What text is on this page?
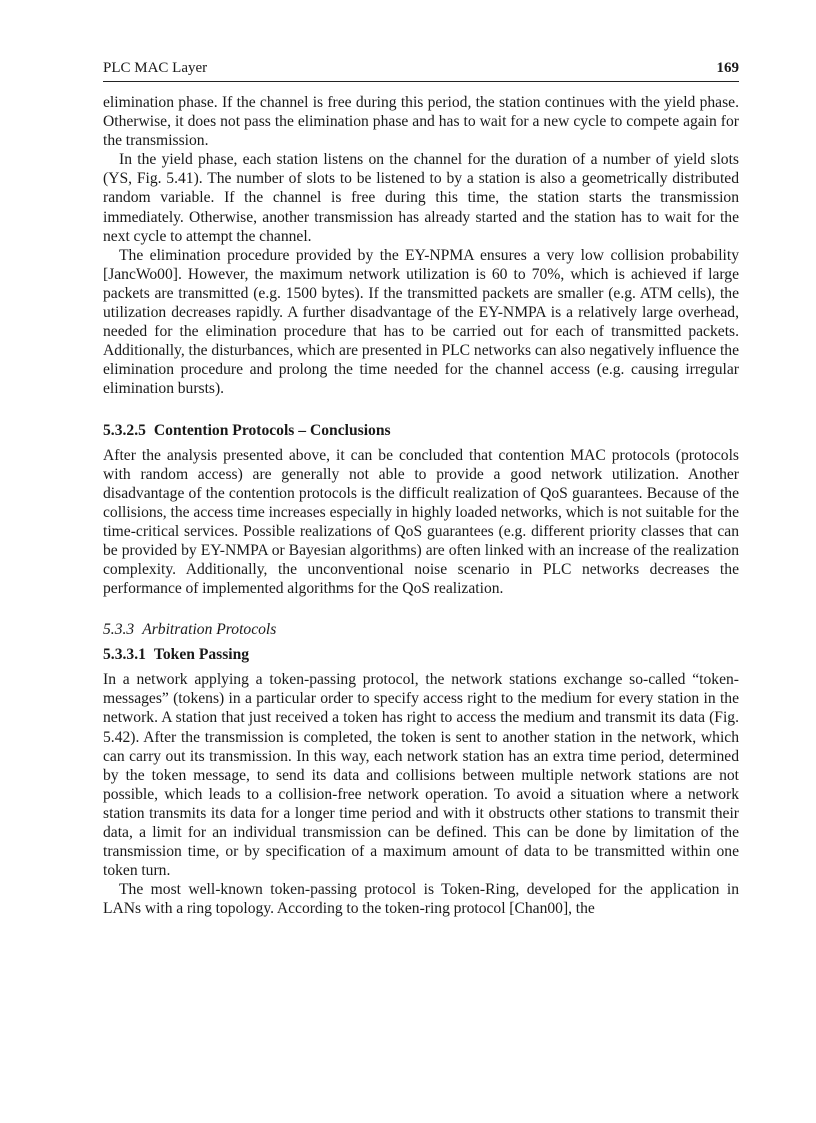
PLC MAC Layer	169

elimination phase. If the channel is free during this period, the station continues with the yield phase. Otherwise, it does not pass the elimination phase and has to wait for a new cycle to compete again for the transmission.

In the yield phase, each station listens on the channel for the duration of a number of yield slots (YS, Fig. 5.41). The number of slots to be listened to by a station is also a geometrically distributed random variable. If the channel is free during this time, the station starts the transmission immediately. Otherwise, another transmission has already started and the station has to wait for the next cycle to attempt the channel.

The elimination procedure provided by the EY-NPMA ensures a very low collision probability [JancWo00]. However, the maximum network utilization is 60 to 70%, which is achieved if large packets are transmitted (e.g. 1500 bytes). If the transmitted packets are smaller (e.g. ATM cells), the utilization decreases rapidly. A further disadvantage of the EY-NMPA is a relatively large overhead, needed for the elimination procedure that has to be carried out for each of transmitted packets. Additionally, the disturbances, which are presented in PLC networks can also negatively influence the elimination procedure and prolong the time needed for the channel access (e.g. causing irregular elimination bursts).

5.3.2.5 Contention Protocols – Conclusions

After the analysis presented above, it can be concluded that contention MAC protocols (protocols with random access) are generally not able to provide a good network utilization. Another disadvantage of the contention protocols is the difficult realization of QoS guarantees. Because of the collisions, the access time increases especially in highly loaded networks, which is not suitable for the time-critical services. Possible realizations of QoS guarantees (e.g. different priority classes that can be provided by EY-NMPA or Bayesian algorithms) are often linked with an increase of the realization complexity. Additionally, the unconventional noise scenario in PLC networks decreases the performance of implemented algorithms for the QoS realization.

5.3.3 Arbitration Protocols
5.3.3.1 Token Passing

In a network applying a token-passing protocol, the network stations exchange so-called “token-messages” (tokens) in a particular order to specify access right to the medium for every station in the network. A station that just received a token has right to access the medium and transmit its data (Fig. 5.42). After the transmission is completed, the token is sent to another station in the network, which can carry out its transmission. In this way, each network station has an extra time period, determined by the token message, to send its data and collisions between multiple network stations are not possible, which leads to a collision-free network operation. To avoid a situation where a network station transmits its data for a longer time period and with it obstructs other stations to transmit their data, a limit for an individual transmission can be defined. This can be done by limitation of the transmission time, or by specification of a maximum amount of data to be transmitted within one token turn.

The most well-known token-passing protocol is Token-Ring, developed for the application in LANs with a ring topology. According to the token-ring protocol [Chan00], the
